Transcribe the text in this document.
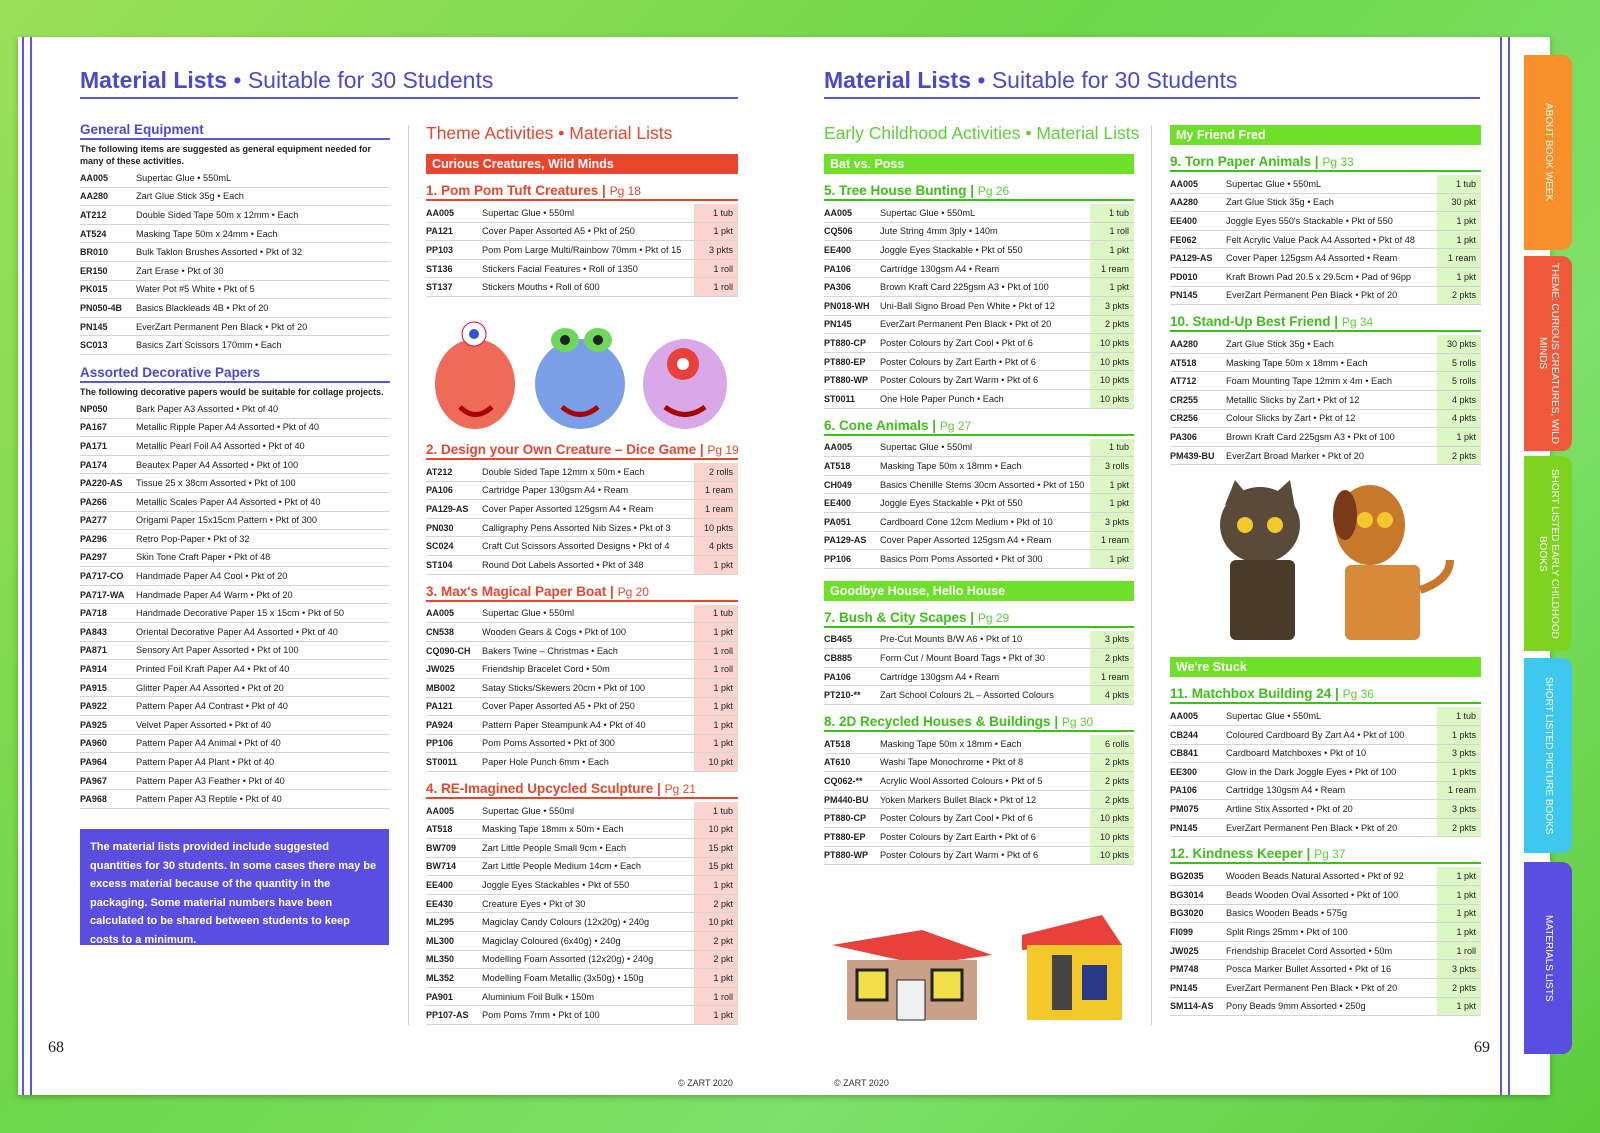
Material Lists • Suitable for 30 Students	Material Lists • Suitable for 30 Students
General Equipment
The following items are suggested as general equipment needed for many of these activities.
AA005	Supertac Glue • 550mL
AA280	Zart Glue Stick 35g • Each
AT212	Double Sided Tape 50m x 12mm • Each
AT524	Masking Tape 50m x 24mm • Each
BR010	Bulk Taklon Brushes Assorted • Pkt of 32
ER150	Zart Erase • Pkt of 30
PK015	Water Pot #5 White • Pkt of 5
PN050-4B	Basics Blackleads 4B • Pkt of 20
PN145	EverZart Permanent Pen Black • Pkt of 20
SC013	Basics Zart Scissors 170mm • Each
Assorted Decorative Papers
The following decorative papers would be suitable for collage projects.
NP050	Bark Paper A3 Assorted • Pkt of 40
PA167	Metallic Ripple Paper A4 Assorted • Pkt of 40
PA171	Metallic Pearl Foil A4 Assorted • Pkt of 40
PA174	Beautex Paper A4 Assorted • Pkt of 100
PA220-AS	Tissue 25 x 38cm Assorted • Pkt of 100
PA266	Metallic Scales Paper A4 Assorted • Pkt of 40
PA277	Origami Paper 15x15cm Pattern • Pkt of 300
PA296	Retro Pop-Paper • Pkt of 32
PA297	Skin Tone Craft Paper • Pkt of 48
PA717-CO	Handmade Paper A4 Cool • Pkt of 20
PA717-WA	Handmade Paper A4 Warm • Pkt of 20
PA718	Handmade Decorative Paper 15 x 15cm • Pkt of 50
PA843	Oriental Decorative Paper A4 Assorted • Pkt of 40
PA871	Sensory Art Paper Assorted • Pkt of 100
PA914	Printed Foil Kraft Paper A4 • Pkt of 40
PA915	Glitter Paper A4 Assorted • Pkt of 20
PA922	Pattern Paper A4 Contrast • Pkt of 40
PA925	Velvet Paper Assorted • Pkt of 40
PA960	Pattern Paper A4 Animal • Pkt of 40
PA964	Pattern Paper A4 Plant • Pkt of 40
PA967	Pattern Paper A3 Feather • Pkt of 40
PA968	Pattern Paper A3 Reptile • Pkt of 40
The material lists provided include suggested quantities for 30 students. In some cases there may be excess material because of the quantity in the packaging. Some material numbers have been calculated to be shared between students to keep costs to a minimum.
Theme Activities • Material Lists
Curious Creatures, Wild Minds
1. Pom Pom Tuft Creatures | Pg 18
AA005	Supertac Glue • 550ml	1 tub
PA121	Cover Paper Assorted A5 • Pkt of 250	1 pkt
PP103	Pom Pom Large Multi/Rainbow 70mm • Pkt of 15	3 pkts
ST136	Stickers Facial Features • Roll of 1350	1 roll
ST137	Stickers Mouths • Roll of 600	1 roll
2. Design your Own Creature – Dice Game | Pg 19
AT212	Double Sided Tape 12mm x 50m • Each	2 rolls
PA106	Cartridge Paper 130gsm A4 • Ream	1 ream
PA129-AS	Cover Paper Assorted 125gsm A4 • Ream	1 ream
PN030	Calligraphy Pens Assorted Nib Sizes • Pkt of 3	10 pkts
SC024	Craft Cut Scissors Assorted Designs • Pkt of 4	4 pkts
ST104	Round Dot Labels Assorted • Pkt of 348	1 pkt
3. Max's Magical Paper Boat | Pg 20
AA005	Supertac Glue • 550ml	1 tub
CN538	Wooden Gears & Cogs • Pkt of 100	1 pkt
CQ090-CH	Bakers Twine – Christmas • Each	1 roll
JW025	Friendship Bracelet Cord • 50m	1 roll
MB002	Satay Sticks/Skewers 20cm • Pkt of 100	1 pkt
PA121	Cover Paper Assorted A5 • Pkt of 250	1 pkt
PA924	Pattern Paper Steampunk A4 • Pkt of 40	1 pkt
PP106	Pom Poms Assorted • Pkt of 300	1 pkt
ST0011	Paper Hole Punch 6mm • Each	10 pkt
4. RE-Imagined Upcycled Sculpture | Pg 21
AA005	Supertac Glue • 550ml	1 tub
AT518	Masking Tape 18mm x 50m • Each	10 pkt
BW709	Zart Little People Small 9cm • Each	15 pkt
BW714	Zart Little People Medium 14cm • Each	15 pkt
EE400	Joggle Eyes Stackables • Pkt of 550	1 pkt
EE430	Creature Eyes • Pkt of 30	2 pkt
ML295	Magiclay Candy Colours (12x20g) • 240g	10 pkt
ML300	Magiclay Coloured (6x40g) • 240g	2 pkt
ML350	Modelling Foam Assorted (12x20g) • 240g	2 pkt
ML352	Modelling Foam Metallic (3x50g) • 150g	1 pkt
PA901	Aluminium Foil Bulk • 150m	1 roll
PP107-AS	Pom Poms 7mm • Pkt of 100	1 pkt
Early Childhood Activities • Material Lists
Bat vs. Poss
5. Tree House Bunting | Pg 26
AA005	Supertac Glue • 550mL	1 tub
CQ506	Jute String 4mm 3ply • 140m	1 roll
EE400	Joggle Eyes Stackable • Pkt of 550	1 pkt
PA106	Cartridge 130gsm A4 • Ream	1 ream
PA306	Brown Kraft Card 225gsm A3 • Pkt of 100	1 pkt
PN018-WH	Uni-Ball Signo Broad Pen White • Pkt of 12	3 pkts
PN145	EverZart Permanent Pen Black • Pkt of 20	2 pkts
PT880-CP	Poster Colours by Zart Cool • Pkt of 6	10 pkts
PT880-EP	Poster Colours by Zart Earth • Pkt of 6	10 pkts
PT880-WP	Poster Colours by Zart Warm • Pkt of 6	10 pkts
ST0011	One Hole Paper Punch • Each	10 pkts
6. Cone Animals | Pg 27
AA005	Supertac Glue • 550ml	1 tub
AT518	Masking Tape 50m x 18mm • Each	3 rolls
CH049	Basics Chenille Stems 30cm Assorted • Pkt of 150	1 pkt
EE400	Joggle Eyes Stackable • Pkt of 550	1 pkt
PA051	Cardboard Cone 12cm Medium • Pkt of 10	3 pkts
PA129-AS	Cover Paper Assorted 125gsm A4 • Ream	1 ream
PP106	Basics Pom Poms Assorted • Pkt of 300	1 pkt
Goodbye House, Hello House
7. Bush & City Scapes | Pg 29
CB465	Pre-Cut Mounts B/W A6 • Pkt of 10	3 pkts
CB885	Form Cut / Mount Board Tags • Pkt of 30	2 pkts
PA106	Cartridge 130gsm A4 • Ream	1 ream
PT210-**	Zart School Colours 2L – Assorted Colours	4 pkts
8. 2D Recycled Houses & Buildings | Pg 30
AT518	Masking Tape 50m x 18mm • Each	6 rolls
AT610	Washi Tape Monochrome • Pkt of 8	2 pkts
CQ062-**	Acrylic Wool Assorted Colours • Pkt of 5	2 pkts
PM440-BU	Yoken Markers Bullet Black • Pkt of 12	2 pkts
PT880-CP	Poster Colours by Zart Cool • Pkt of 6	10 pkts
PT880-EP	Poster Colours by Zart Earth • Pkt of 6	10 pkts
PT880-WP	Poster Colours by Zart Warm • Pkt of 6	10 pkts
My Friend Fred
9. Torn Paper Animals | Pg 33
AA005	Supertac Glue • 550mL	1 tub
AA280	Zart Glue Stick 35g • Each	30 pkt
EE400	Joggle Eyes 550's Stackable • Pkt of 550	1 pkt
FE062	Felt Acrylic Value Pack A4 Assorted • Pkt of 48	1 pkt
PA129-AS	Cover Paper 125gsm A4 Assorted • Ream	1 ream
PD010	Kraft Brown Pad 20.5 x 29.5cm • Pad of 96pp	1 pkt
PN145	EverZart Permanent Pen Black • Pkt of 20	2 pkts
10. Stand-Up Best Friend | Pg 34
AA280	Zart Glue Stick 35g • Each	30 pkts
AT518	Masking Tape 50m x 18mm • Each	5 rolls
AT712	Foam Mounting Tape 12mm x 4m • Each	5 rolls
CR255	Metallic Slicks by Zart • Pkt of 12	4 pkts
CR256	Colour Slicks by Zart • Pkt of 12	4 pkts
PA306	Brown Kraft Card 225gsm A3 • Pkt of 100	1 pkt
PM439-BU	EverZart Broad Marker • Pkt of 20	2 pkts
We're Stuck
11. Matchbox Building 24 | Pg 36
AA005	Supertac Glue • 550mL	1 tub
CB244	Coloured Cardboard By Zart A4 • Pkt of 100	1 pkts
CB841	Cardboard Matchboxes • Pkt of 10	3 pkts
EE300	Glow in the Dark Joggle Eyes • Pkt of 100	1 pkts
PA106	Cartridge 130gsm A4 • Ream	1 ream
PM075	Artline Stix Assorted • Pkt of 20	3 pkts
PN145	EverZart Permanent Pen Black • Pkt of 20	2 pkts
12. Kindness Keeper | Pg 37
BG2035	Wooden Beads Natural Assorted • Pkt of 92	1 pkt
BG3014	Beads Wooden Oval Assorted • Pkt of 100	1 pkt
BG3020	Basics Wooden Beads • 575g	1 pkt
FI099	Split Rings 25mm • Pkt of 100	1 pkt
JW025	Friendship Bracelet Cord Assorted • 50m	1 roll
PM748	Posca Marker Bullet Assorted • Pkt of 16	3 pkts
PN145	EverZart Permanent Pen Black • Pkt of 20	2 pkts
SM114-AS	Pony Beads 9mm Assorted • 250g	1 pkt
68	69
© ZART 2020	© ZART 2020
ABOUT BOOK WEEK
THEME: CURIOUS CREATURES, WILD MINDS
SHORT LISTED EARLY CHILDHOOD BOOKS
SHORT LISTED PICTURE BOOKS
MATERIALS LISTS
